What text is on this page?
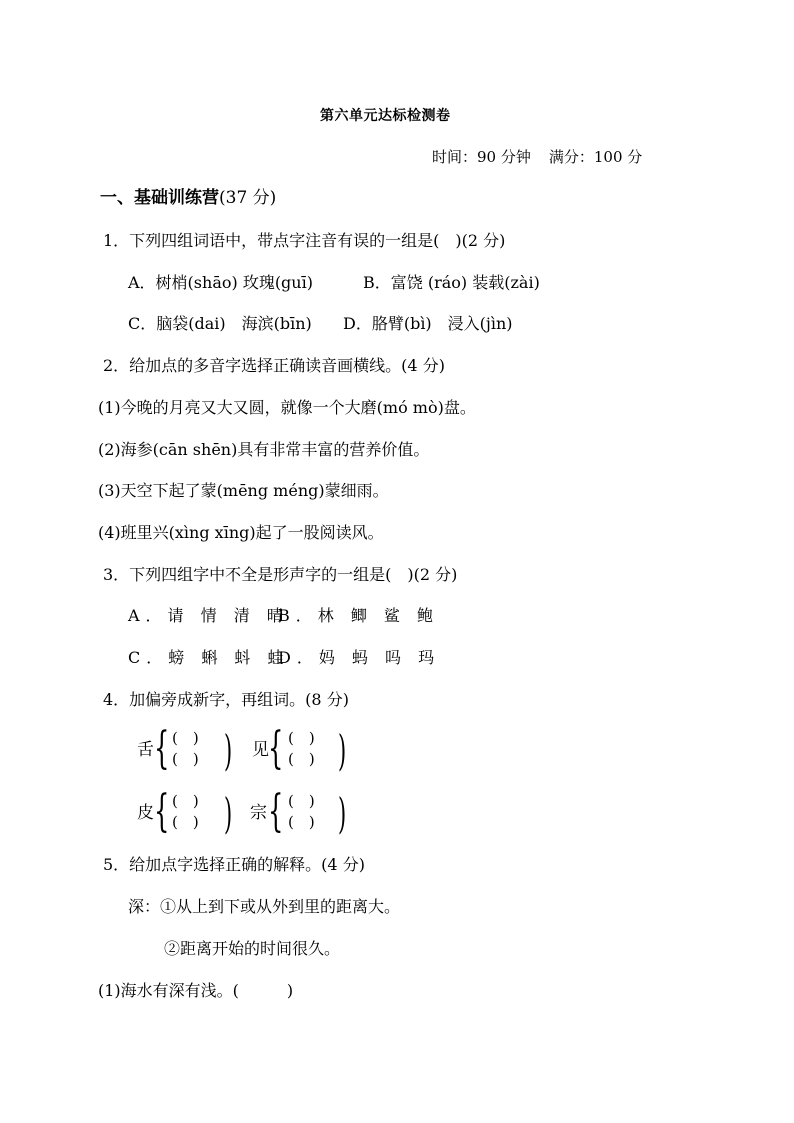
第六单元达标检测卷
时间：90 分钟 满分：100 分
一、基础训练营(37 分)
1．下列四组词语中，带点字注音有误的一组是(　)(2 分)
A．树梢(shāo) 玫瑰(guī)	B．富饶 (ráo) 装载(zài)
C．脑袋(dai)　海滨(bīn) D．胳臂(bì)　浸入(jìn)
2．给加点的多音字选择正确读音画横线。(4 分)
(1)今晚的月亮又大又圆，就像一个大磨(mó mò)盘。
(2)海参(cān shēn)具有非常丰富的营养价值。
(3)天空下起了蒙(mēng méng)蒙细雨。
(4)班里兴(xìng xīng)起了一股阅读风。
3．下列四组字中不全是形声字的一组是(　)(2 分)
A．请 情 清 晴B．林 鲫 鲨 鲍
C．螃 蝌 蚪 蛙D．妈 蚂 吗 玛
4．加偏旁成新字，再组词。(8 分)
舌 { (　)
(　) ) 见 { (　)
(　) )
皮 { (　)
(　) ) 宗 { (　)
(　) )
5．给加点字选择正确的解释。(4 分)
深：①从上到下或从外到里的距离大。
②距离开始的时间很久。
(1)海水有深有浅。(　　　)
